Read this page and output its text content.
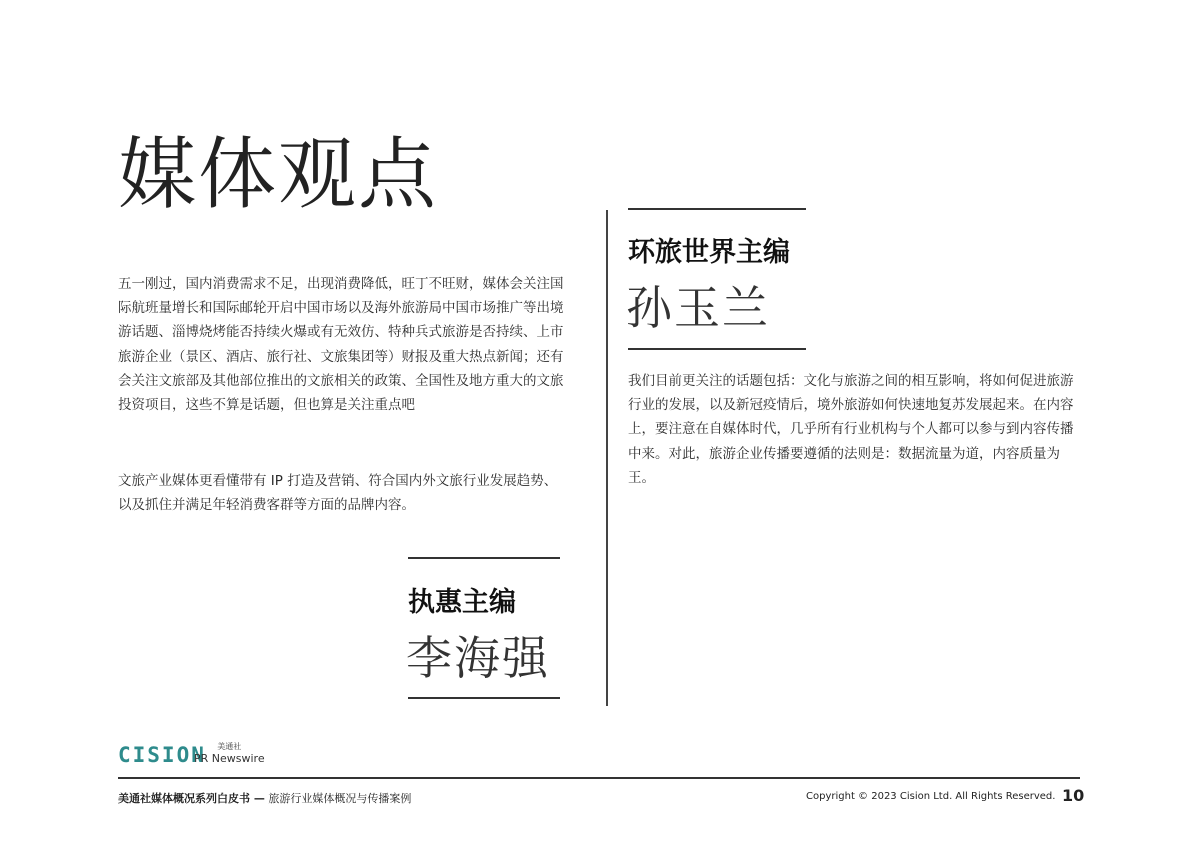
媒体观点
五一刚过，国内消费需求不足，出现消费降低，旺丁不旺财，媒体会关注国际航班量增长和国际邮轮开启中国市场以及海外旅游局中国市场推广等出境游话题、淄博烧烤能否持续火爆或有无效仿、特种兵式旅游是否持续、上市旅游企业（景区、酒店、旅行社、文旅集团等）财报及重大热点新闻；还有会关注文旅部及其他部位推出的文旅相关的政策、全国性及地方重大的文旅投资项目，这些不算是话题，但也算是关注重点吧
文旅产业媒体更看懂带有 IP 打造及营销、符合国内外文旅行业发展趋势、以及抓住并满足年轻消费客群等方面的品牌内容。
执惠主编
李海强
环旅世界主编
孙玉兰
我们目前更关注的话题包括：文化与旅游之间的相互影响，将如何促进旅游行业的发展，以及新冠疫情后，境外旅游如何快速地复苏发展起来。在内容上，要注意在自媒体时代，几乎所有行业机构与个人都可以参与到内容传播中来。对此，旅游企业传播要遵循的法则是：数据流量为道，内容质量为王。
CISION	美通社
PR Newswire
美通社媒体概况系列白皮书 — 旅游行业媒体概况与传播案例	Copyright © 2023 Cision Ltd. All Rights Reserved. 10
